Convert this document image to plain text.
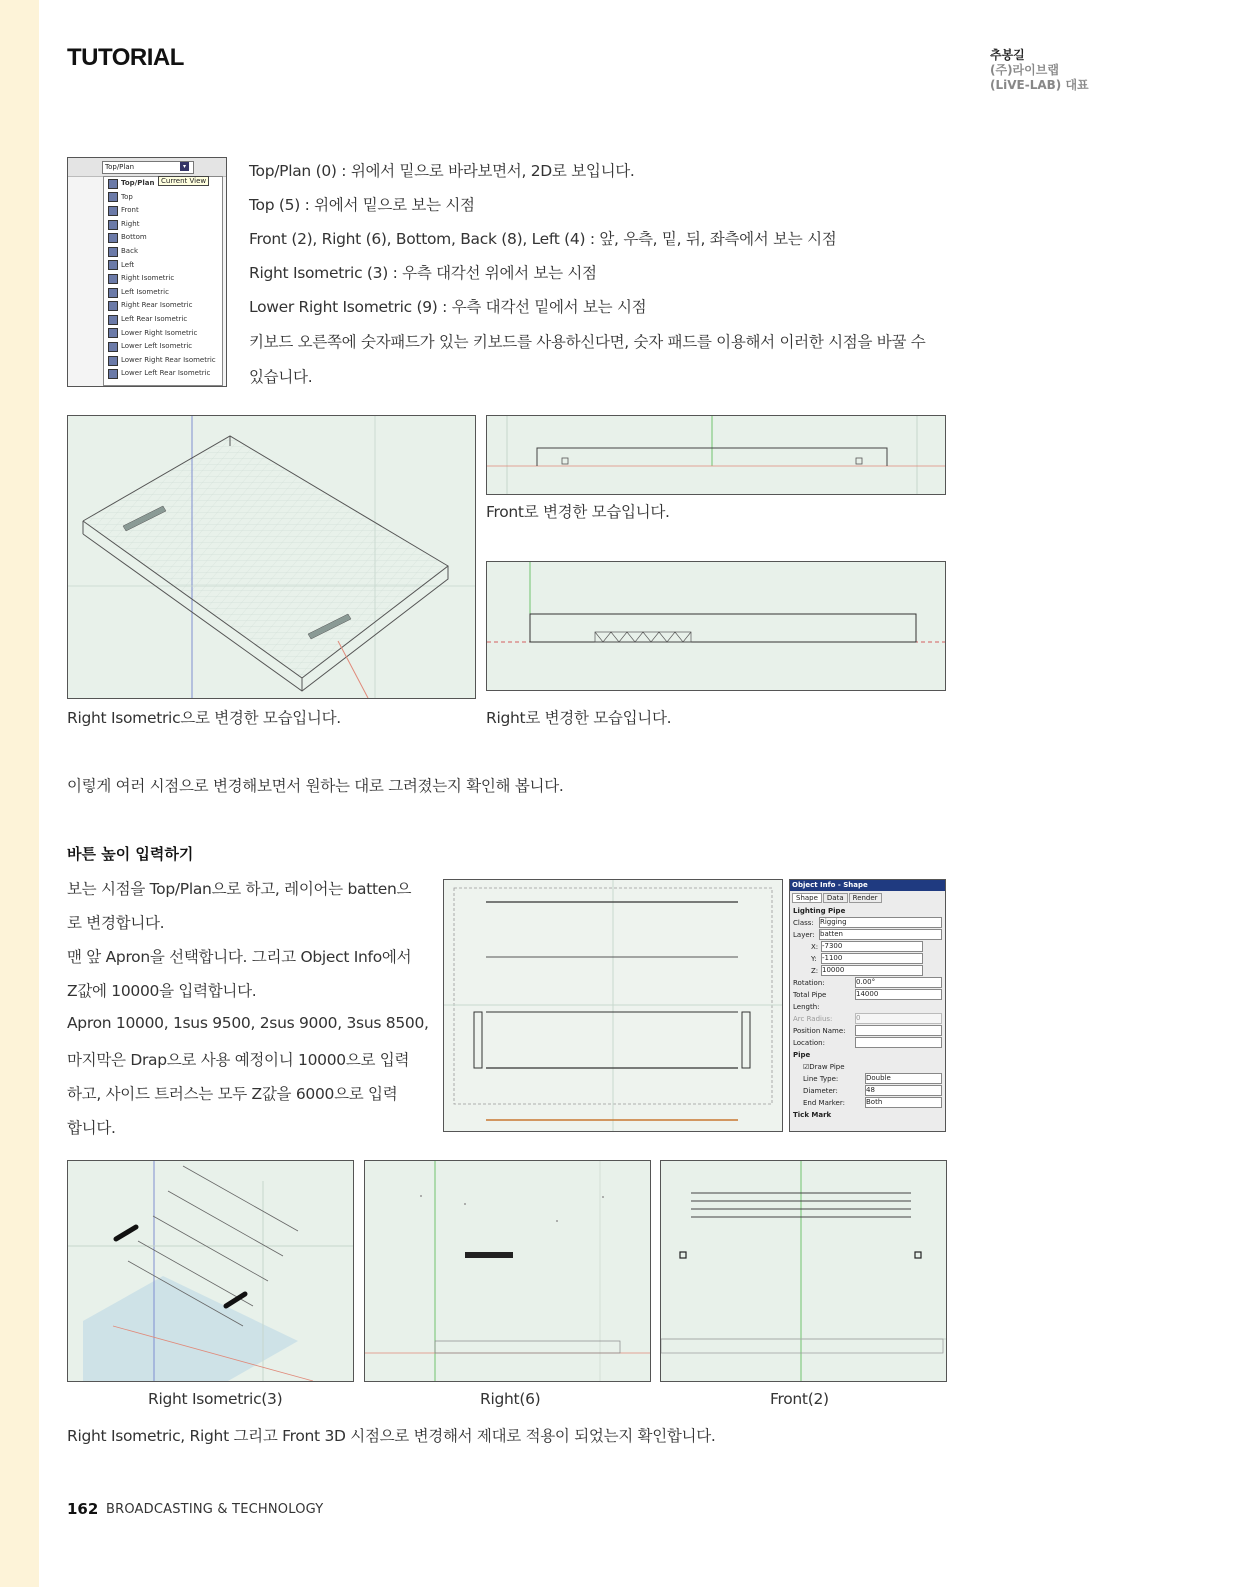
TUTORIAL	추봉길
(주)라이브랩
(LiVE-LAB) 대표
Top/Plan	▾
Top/Plan
Top
Front
Right
Bottom
Back
Left
Right Isometric
Left Isometric
Right Rear Isometric
Left Rear Isometric
Lower Right Isometric
Lower Left Isometric
Lower Right Rear Isometric
Lower Left Rear Isometric
Current View
Top/Plan (0) : 위에서 밑으로 바라보면서, 2D로 보입니다.
Top (5) : 위에서 밑으로 보는 시점
Front (2), Right (6), Bottom, Back (8), Left (4) : 앞, 우측, 밑, 뒤, 좌측에서 보는 시점
Right Isometric (3) : 우측 대각선 위에서 보는 시점
Lower Right Isometric (9) : 우측 대각선 밑에서 보는 시점
키보드 오른쪽에 숫자패드가 있는 키보드를 사용하신다면, 숫자 패드를 이용해서 이러한 시점을 바꿀 수
있습니다.
Front로 변경한 모습입니다.
Right Isometric으로 변경한 모습입니다.	Right로 변경한 모습입니다.
이렇게 여러 시점으로 변경해보면서 원하는 대로 그려졌는지 확인해 봅니다.
바튼 높이 입력하기
보는 시점을 Top/Plan으로 하고, 레이어는 batten으
로 변경합니다.
맨 앞 Apron을 선택합니다. 그리고 Object Info에서
Z값에 10000을 입력합니다.
Apron 10000, 1sus 9500, 2sus 9000, 3sus 8500,
마지막은 Drap으로 사용 예정이니 10000으로 입력
하고, 사이드 트러스는 모두 Z값을 6000으로 입력
합니다.
Object Info - Shape
Shape	Data	Render
Lighting Pipe
Class: Rigging
Layer: batten
X: -7300
Y: -1100
Z: 10000
Rotation:	0.00°
Total Pipe Length:
14000
Arc Radius:	0
Position Name:
Location:
Pipe
☑Draw Pipe
Line Type:	Double
Diameter:	48
End Marker:	Both
Tick Mark
Right Isometric(3)	Right(6)	Front(2)
Right Isometric, Right 그리고 Front 3D 시점으로 변경해서 제대로 적용이 되었는지 확인합니다.
162 BROADCASTING & TECHNOLOGY
